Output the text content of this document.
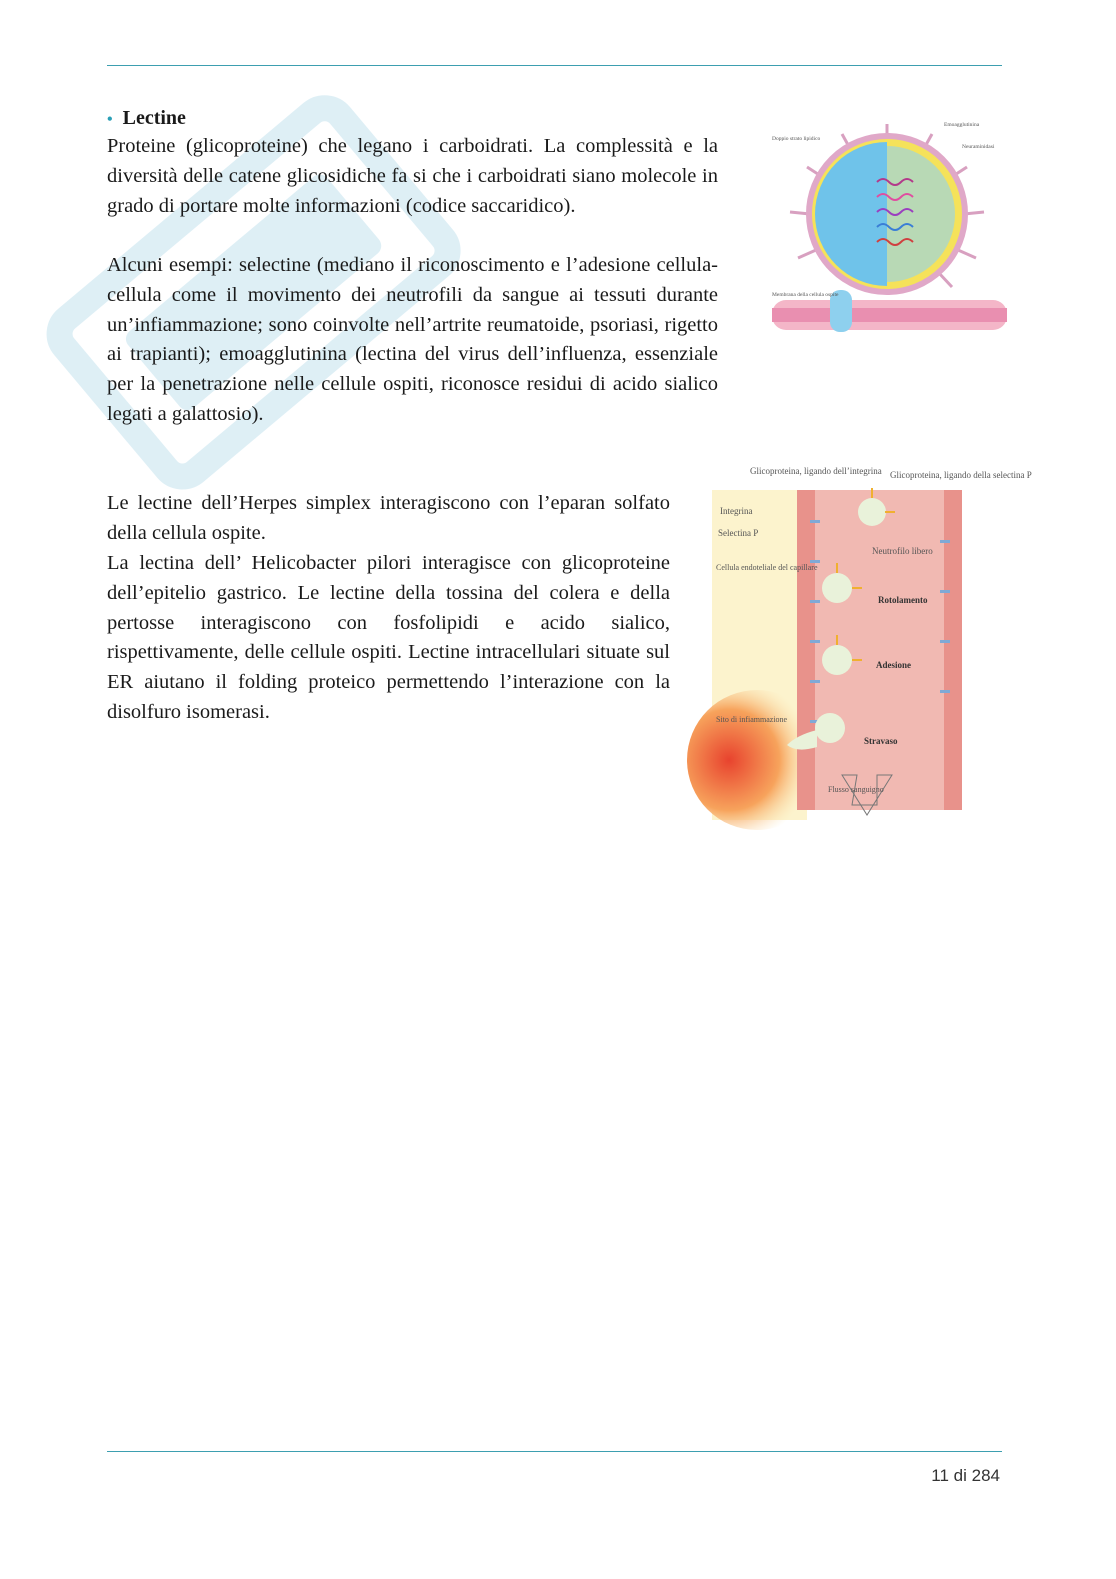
• Lectine

Proteine (glicoproteine) che legano i carboidrati. La complessità e la diversità delle catene glicosidiche fa si che i carboidrati siano molecole in grado di portare molte informazioni (codice saccaridico).

Alcuni esempi: selectine (mediano il riconoscimento e l’adesione cellula-cellula come il movimento dei neutrofili da sangue ai tessuti durante un’infiammazione; sono coinvolte nell’artrite reumatoide, psoriasi, rigetto ai trapianti); emoagglutinina (lectina del virus dell’influenza, essenziale per la penetrazione nelle cellule ospiti, riconosce residui di acido sialico legati a galattosio).

Le lectine dell’Herpes simplex interagiscono con l’eparan solfato della cellula ospite.

La lectina dell’ Helicobacter pilori interagisce con glicoproteine dell’epitelio gastrico. Le lectine della tossina del colera e della pertosse interagiscono con fosfolipidi e acido sialico, rispettivamente, delle cellule ospiti. Lectine intracellulari situate sul ER aiutano il folding proteico permettendo l’interazione con la disolfuro isomerasi.

Doppio strato lipidico
Emoagglutinina
Neuraminidasi
Membrana della cellula ospite
Glicoproteina, ligando dell’integrina Glicoproteina, ligando della selectina P
Integrina
Selectina P
Neutrofilo libero
Cellula endoteliale del capillare
Rotolamento
Adesione
Sito di infiammazione
Stravaso
Flusso sanguigno
11 di 284
